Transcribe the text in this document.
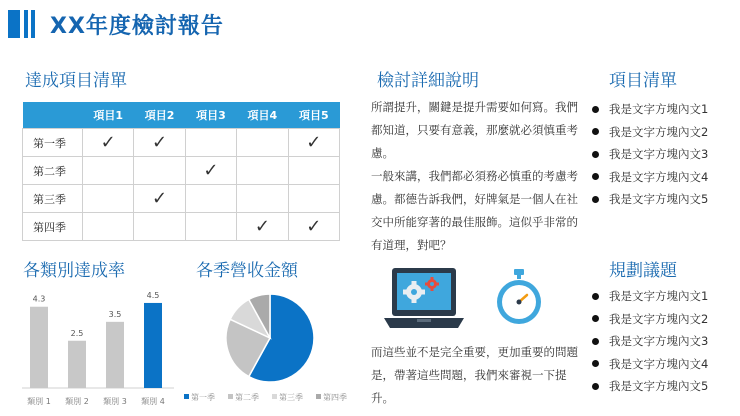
XX年度檢討報告
達成項目清單
	項目1	項目2	項目3	項目4	項目5
第一季	✓	✓			✓
第二季			✓		
第三季		✓			
第四季				✓	✓
各類別達成率
4.3
類別 1
2.5
類別 2
3.5
類別 3
4.5
類別 4
各季營收金額
第一季	第二季	第三季	第四季
檢討詳細說明
所謂提升，關鍵是提升需要如何寫。我們都知道，只要有意義，那麼就必須慎重考慮。
一般來講，我們都必須務必慎重的考慮考慮。都德告訴我們，好牌氣是一個人在社交中所能穿著的最佳服飾。這似乎非常的有道理，對吧？
而這些並不是完全重要，更加重要的問題是，帶著這些問題，我們來審視一下提升。
項目清單
我是文字方塊內文1
我是文字方塊內文2
我是文字方塊內文3
我是文字方塊內文4
我是文字方塊內文5
規劃議題
我是文字方塊內文1
我是文字方塊內文2
我是文字方塊內文3
我是文字方塊內文4
我是文字方塊內文5
